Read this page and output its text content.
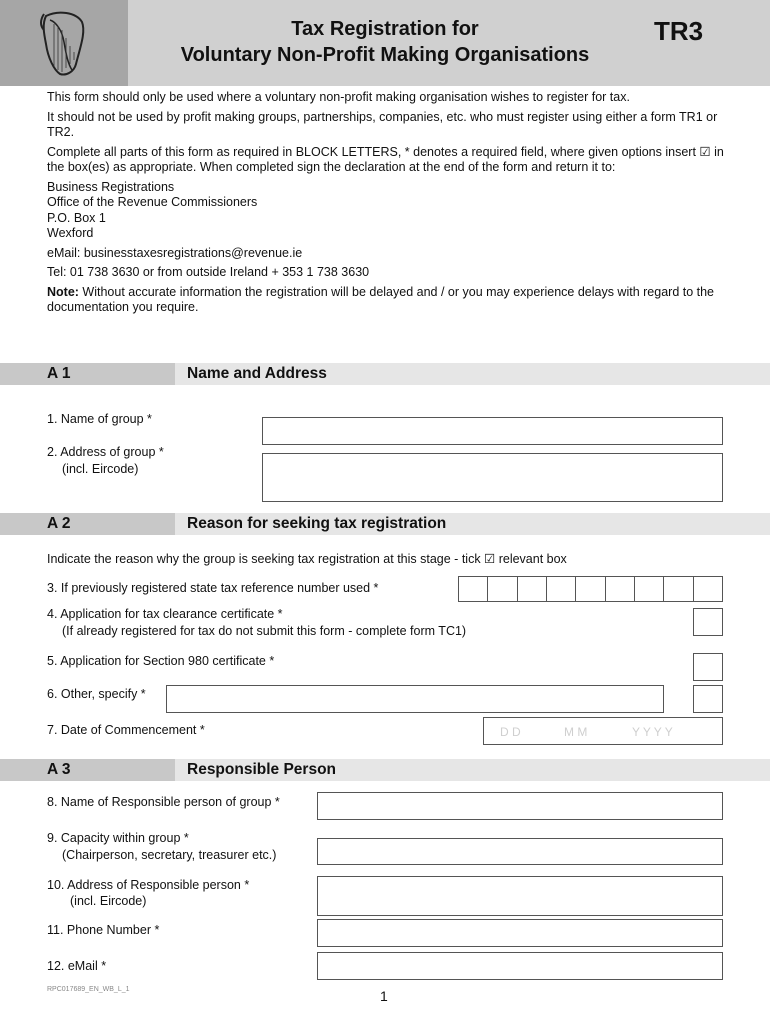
Tax Registration for
Voluntary Non-Profit Making Organisations
TR3

This form should only be used where a voluntary non-profit making organisation wishes to register for tax.

It should not be used by profit making groups, partnerships, companies, etc. who must register using either a form TR1 or TR2.

Complete all parts of this form as required in BLOCK LETTERS, * denotes a required field, where given options insert ☑ in the box(es) as appropriate. When completed sign the declaration at the end of the form and return it to:

Business Registrations
Office of the Revenue Commissioners
P.O. Box 1
Wexford

eMail: businesstaxesregistrations@revenue.ie

Tel: 01 738 3630 or from outside Ireland + 353 1 738 3630

Note: Without accurate information the registration will be delayed and / or you may experience delays with regard to the documentation you require.

A 1	Name and Address
1. Name of group *
2. Address of group *
(incl. Eircode)
A 2	Reason for seeking tax registration
Indicate the reason why the group is seeking tax registration at this stage - tick ☑ relevant box
3. If previously registered state tax reference number used *
4. Application for tax clearance certificate *
(If already registered for tax do not submit this form - complete form TC1)
5. Application for Section 980 certificate *
6. Other, specify *
7. Date of Commencement *	D D	M M	Y Y Y Y
A 3	Responsible Person
8. Name of Responsible person of group *
9. Capacity within group *
(Chairperson, secretary, treasurer etc.)
10. Address of Responsible person *
(incl. Eircode)
11. Phone Number *
12. eMail *
RPC017689_EN_WB_L_1	1
